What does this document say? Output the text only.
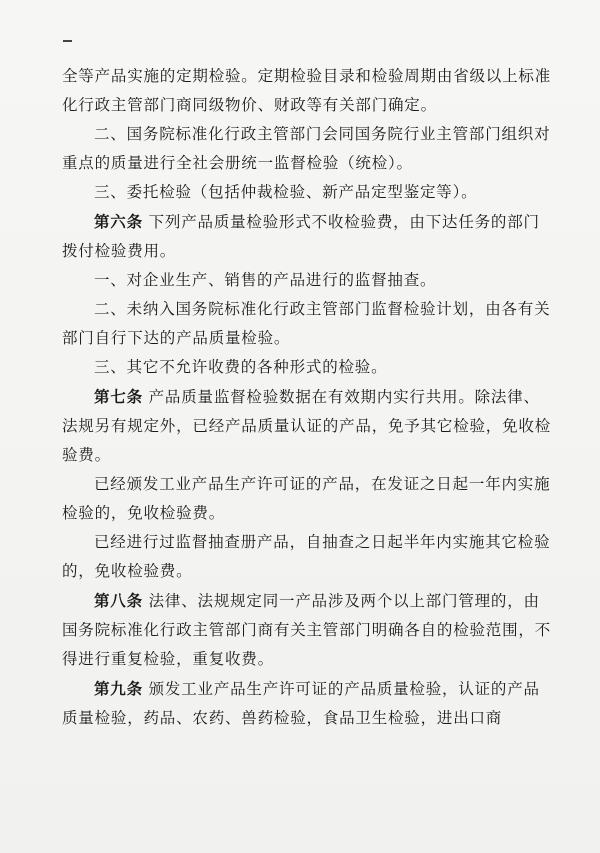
全等产品实施的定期检验。定期检验目录和检验周期由省级以上标准化行政主管部门商同级物价、财政等有关部门确定。

二、国务院标准化行政主管部门会同国务院行业主管部门组织对重点的质量进行全社会册统一监督检验（统检）。

三、委托检验（包括仲裁检验、新产品定型鉴定等）。

第六条 下列产品质量检验形式不收检验费，由下达任务的部门拨付检验费用。

一、对企业生产、销售的产品进行的监督抽查。

二、未纳入国务院标准化行政主管部门监督检验计划，由各有关部门自行下达的产品质量检验。

三、其它不允许收费的各种形式的检验。

第七条 产品质量监督检验数据在有效期内实行共用。除法律、法规另有规定外，已经产品质量认证的产品，免予其它检验，免收检验费。

已经颁发工业产品生产许可证的产品，在发证之日起一年内实施检验的，免收检验费。

已经进行过监督抽查册产品，自抽查之日起半年内实施其它检验的，免收检验费。

第八条 法律、法规规定同一产品涉及两个以上部门管理的，由国务院标准化行政主管部门商有关主管部门明确各自的检验范围，不得进行重复检验，重复收费。

第九条 颁发工业产品生产许可证的产品质量检验，认证的产品质量检验，药品、农药、兽药检验，食品卫生检验，进出口商
